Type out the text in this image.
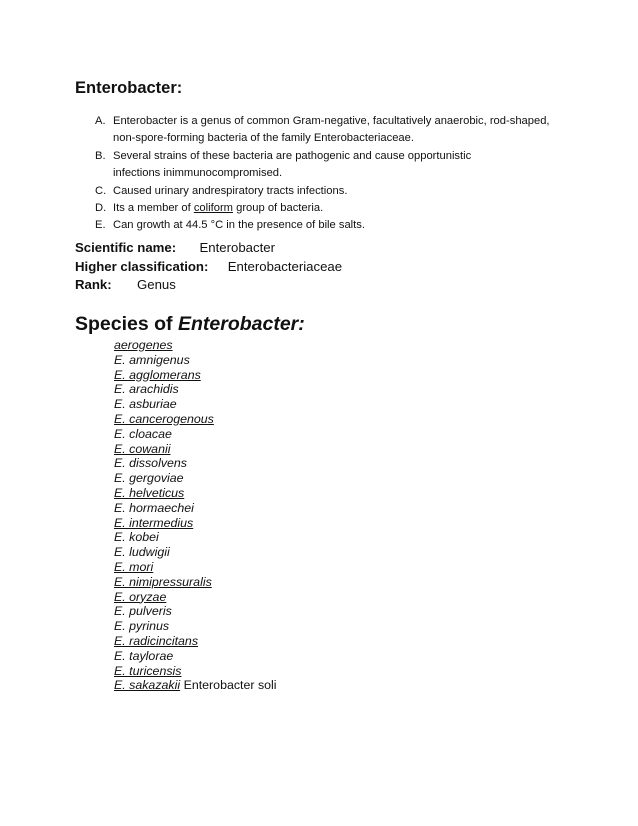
Enterobacter:
A. Enterobacter is a genus of common Gram-negative, facultatively anaerobic, rod-shaped,
non-spore-forming bacteria of the family Enterobacteriaceae.
B. Several strains of these bacteria are pathogenic and cause opportunistic
infections inimmunocompromised.
C. Caused urinary andrespiratory tracts infections.
D. Its a member of coliform group of bacteria.
E. Can growth at 44.5 °C in the presence of bile salts.
Scientific name: Enterobacter
Higher classification: Enterobacteriaceae
Rank: Genus
Species of Enterobacter:
aerogenes
E. amnigenus
E. agglomerans
E. arachidis
E. asburiae
E. cancerogenous
E. cloacae
E. cowanii
E. dissolvens
E. gergoviae
E. helveticus
E. hormaechei
E. intermedius
E. kobei
E. ludwigii
E. mori
E. nimipressuralis
E. oryzae
E. pulveris
E. pyrinus
E. radicincitans
E. taylorae
E. turicensis
E. sakazakii Enterobacter soli
